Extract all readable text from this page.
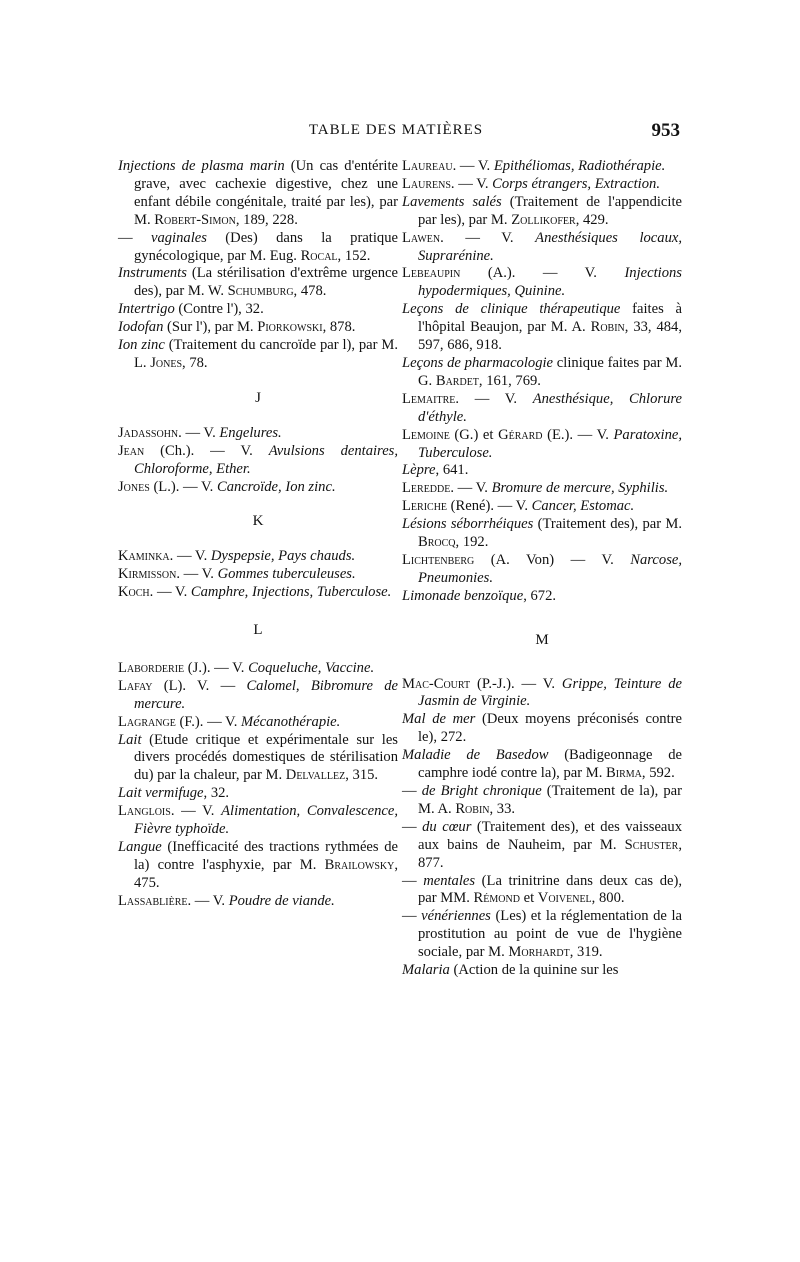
TABLE DES MATIÈRES	953

Injections de plasma marin (Un cas d'entérite grave, avec cachexie digestive, chez une enfant débile congénitale, traité par les), par M. Robert-Simon, 189, 228.

— vaginales (Des) dans la pratique gynécologique, par M. Eug. Rocal, 152.

Instruments (La stérilisation d'extrême urgence des), par M. W. Schumburg, 478.

Intertrigo (Contre l'), 32.

Iodofan (Sur l'), par M. Piorkowski, 878.

Ion zinc (Traitement du cancroïde par l), par M. L. Jones, 78.

J

Jadassohn. — V. Engelures.

Jean (Ch.). — V. Avulsions dentaires, Chloroforme, Ether.

Jones (L.). — V. Cancroïde, Ion zinc.

K

Kaminka. — V. Dyspepsie, Pays chauds.

Kirmisson. — V. Gommes tuberculeuses.

Koch. — V. Camphre, Injections, Tuberculose.

L

Laborderie (J.). — V. Coqueluche, Vaccine.

Lafay (L). V. — Calomel, Bibromure de mercure.

Lagrange (F.). — V. Mécanothérapie.

Lait (Etude critique et expérimentale sur les divers procédés domestiques de stérilisation du) par la chaleur, par M. Delvallez, 315.

Lait vermifuge, 32.

Langlois. — V. Alimentation, Convalescence, Fièvre typhoïde.

Langue (Inefficacité des tractions rythmées de la) contre l'asphyxie, par M. Brailowsky, 475.

Lassablière. — V. Poudre de viande.

Laureau. — V. Epithéliomas, Radiothérapie.

Laurens. — V. Corps étrangers, Extraction.

Lavements salés (Traitement de l'appendicite par les), par M. Zollikofer, 429.

Lawen. — V. Anesthésiques locaux, Suprarénine.

Lebeaupin (A.). — V. Injections hypodermiques, Quinine.

Leçons de clinique thérapeutique faites à l'hôpital Beaujon, par M. A. Robin, 33, 484, 597, 686, 918.

Leçons de pharmacologie clinique faites par M. G. Bardet, 161, 769.

Lemaitre. — V. Anesthésique, Chlorure d'éthyle.

Lemoine (G.) et Gérard (E.). — V. Paratoxine, Tuberculose.

Lèpre, 641.

Leredde. — V. Bromure de mercure, Syphilis.

Leriche (René). — V. Cancer, Estomac.

Lésions séborrhéiques (Traitement des), par M. Brocq, 192.

Lichtenberg (A. Von) — V. Narcose, Pneumonies.

Limonade benzoïque, 672.

M

Mac-Court (P.-J.). — V. Grippe, Teinture de Jasmin de Virginie.

Mal de mer (Deux moyens préconisés contre le), 272.

Maladie de Basedow (Badigeonnage de camphre iodé contre la), par M. Birma, 592.

— de Bright chronique (Traitement de la), par M. A. Robin, 33.

— du cœur (Traitement des), et des vaisseaux aux bains de Nauheim, par M. Schuster, 877.

— mentales (La trinitrine dans deux cas de), par MM. Rémond et Voivenel, 800.

— vénériennes (Les) et la réglementation de la prostitution au point de vue de l'hygiène sociale, par M. Morhardt, 319.

Malaria (Action de la quinine sur les
